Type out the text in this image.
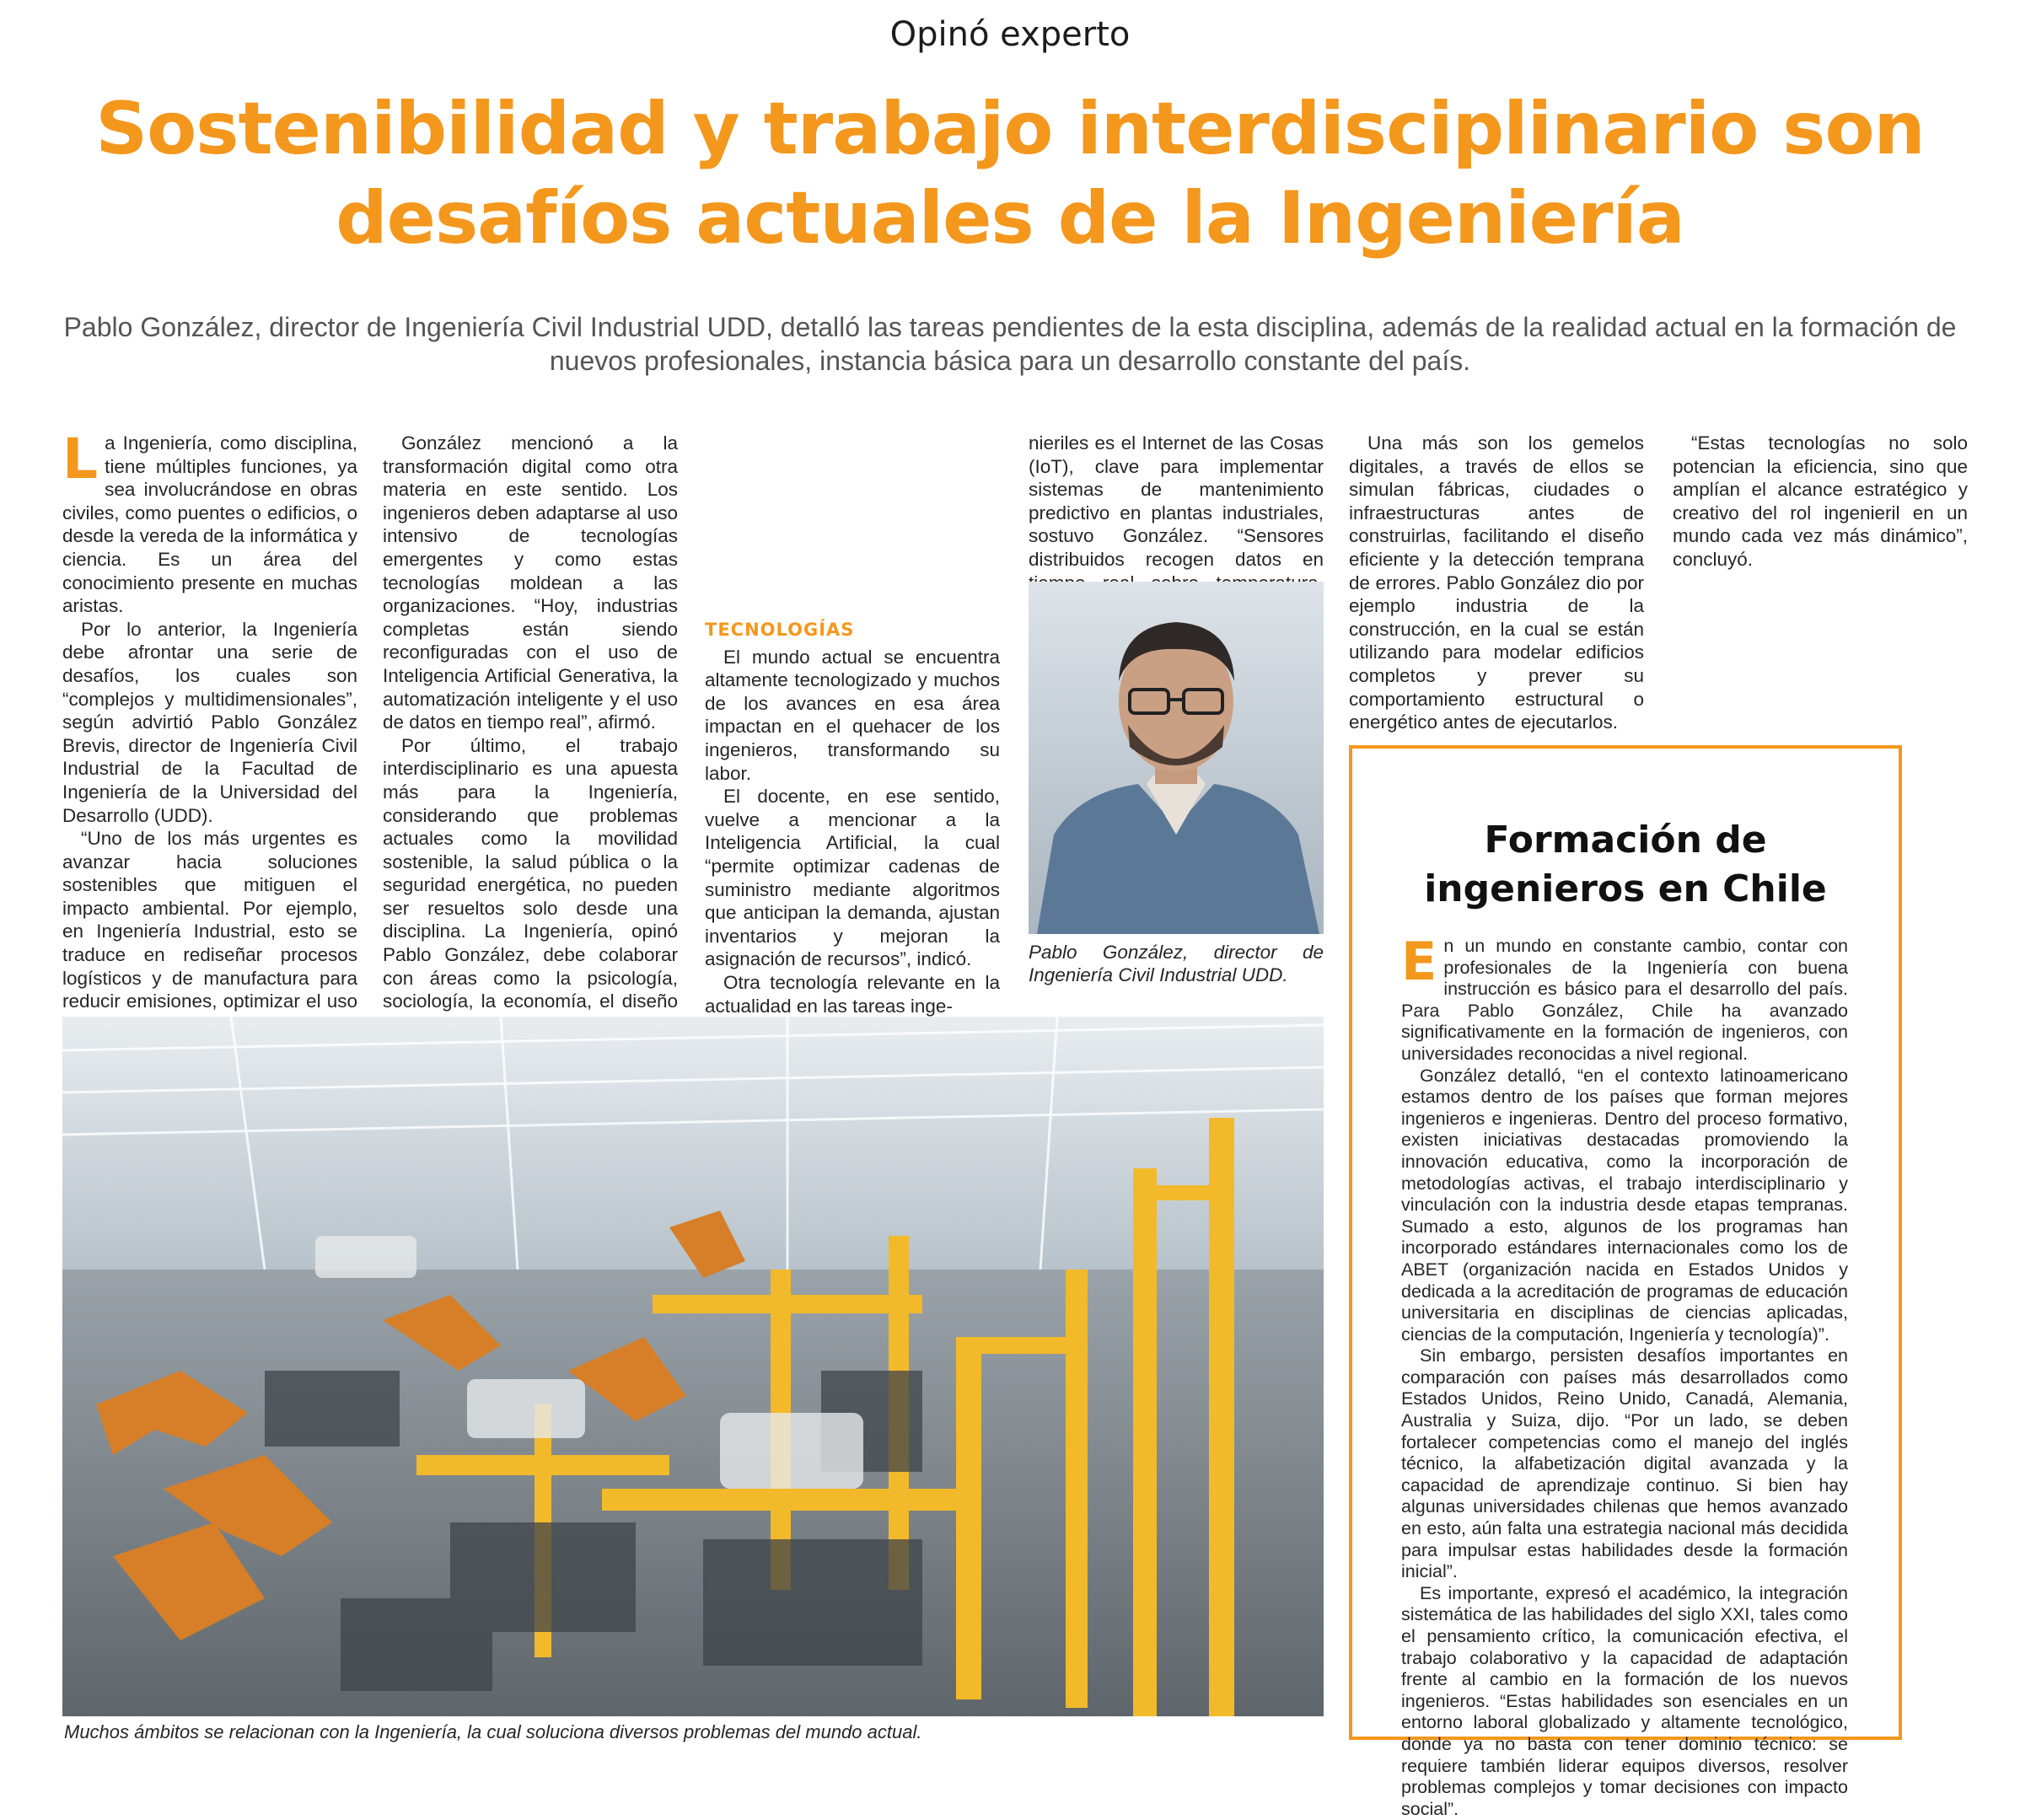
Opinó experto
Sostenibilidad y trabajo interdisciplinario son desafíos actuales de la Ingeniería

Pablo González, director de Ingeniería Civil Industrial UDD, detalló las tareas pendientes de la esta disciplina, además de la realidad actual en la formación de nuevos profesionales, instancia básica para un desarrollo constante del país.

La Ingeniería, como disciplina, tiene múltiples funciones, ya sea involucrándose en obras civiles, como puentes o edificios, o desde la vereda de la informática y ciencia. Es un área del conocimiento presente en muchas aristas.

Por lo anterior, la Ingeniería debe afrontar una serie de desafíos, los cuales son “complejos y multidimensionales”, según advirtió Pablo González Brevis, director de Ingeniería Civil Industrial de la Facultad de Ingeniería de la Universidad del Desarrollo (UDD).

“Uno de los más urgentes es avanzar hacia soluciones sostenibles que mitiguen el impacto ambiental. Por ejemplo, en Ingeniería Industrial, esto se traduce en rediseñar procesos logísticos y de manufactura para reducir emisiones, optimizar el uso

González mencionó a la transformación digital como otra materia en este sentido. Los ingenieros deben adaptarse al uso intensivo de tecnologías emergentes y como estas tecnologías moldean a las organizaciones. “Hoy, industrias completas están siendo reconfiguradas con el uso de Inteligencia Artificial Generativa, la automatización inteligente y el uso de datos en tiempo real”, afirmó.

Por último, el trabajo interdisciplinario es una apuesta más para la Ingeniería, considerando que problemas actuales como la movilidad sostenible, la salud pública o la seguridad energética, no pueden ser resueltos solo desde una disciplina. La Ingeniería, opinó Pablo González, debe colaborar con áreas como la psicología, sociología, la economía, el diseño

TECNOLOGÍAS

El mundo actual se encuentra altamente tecnologizado y muchos de los avances en esa área impactan en el quehacer de los ingenieros, transformando su labor.

El docente, en ese sentido, vuelve a mencionar a la Inteligencia Artificial, la cual “permite optimizar cadenas de suministro mediante algoritmos que anticipan la demanda, ajustan inventarios y mejoran la asignación de recursos”, indicó.

Otra tecnología relevante en la actualidad en las tareas inge-

nieriles es el Internet de las Cosas (IoT), clave para implementar sistemas de mantenimiento predictivo en plantas industriales, sostuvo González. “Sensores distribuidos recogen datos en

Una más son los gemelos digitales, a través de ellos se simulan fábricas, ciudades o infraestructuras antes de construirlas, facilitando el diseño eficiente y la detección temprana de errores. Pablo González dio por ejemplo industria de la construcción, en la cual se están utilizando para modelar edificios completos y prever su comportamiento estructural o energético antes de ejecutarlos.

“Estas tecnologías no solo potencian la eficiencia, sino que amplían el alcance estratégico y creativo del rol ingenieril en un mundo cada vez más dinámico”, concluyó.

Pablo González, director de Ingeniería Civil Industrial UDD.

Muchos ámbitos se relacionan con la Ingeniería, la cual soluciona diversos problemas del mundo actual.

Formación de ingenieros en Chile

En un mundo en constante cambio, contar con profesionales de la Ingeniería con buena instrucción es básico para el desarrollo del país. Para Pablo González, Chile ha avanzado significativamente en la formación de ingenieros, con universidades reconocidas a nivel regional.

González detalló, “en el contexto latinoamericano estamos dentro de los países que forman mejores ingenieros e ingenieras. Dentro del proceso formativo, existen iniciativas destacadas promoviendo la innovación educativa, como la incorporación de metodologías activas, el trabajo interdisciplinario y vinculación con la industria desde etapas tempranas. Sumado a esto, algunos de los programas han incorporado estándares internacionales como los de ABET (organización nacida en Estados Unidos y dedicada a la acreditación de programas de educación universitaria en disciplinas de ciencias aplicadas, ciencias de la computación, Ingeniería y tecnología)”.

Sin embargo, persisten desafíos importantes en comparación con países más desarrollados como Estados Unidos, Reino Unido, Canadá, Alemania, Australia y Suiza, dijo. “Por un lado, se deben fortalecer competencias como el manejo del inglés técnico, la alfabetización digital avanzada y la capacidad de aprendizaje continuo. Si bien hay algunas universidades chilenas que hemos avanzado en esto, aún falta una estrategia nacional más decidida para impulsar estas habilidades desde la formación inicial”.

Es importante, expresó el académico, la integración sistemática de las habilidades del siglo XXI, tales como el pensamiento crítico, la comunicación efectiva, el trabajo colaborativo y la capacidad de adaptación frente al cambio en la formación de los nuevos ingenieros. “Estas habilidades son esenciales en un entorno laboral globalizado y altamente tecnológico, donde ya no basta con tener dominio técnico: se requiere también liderar equipos diversos, resolver problemas complejos y tomar decisiones con impacto social”.
